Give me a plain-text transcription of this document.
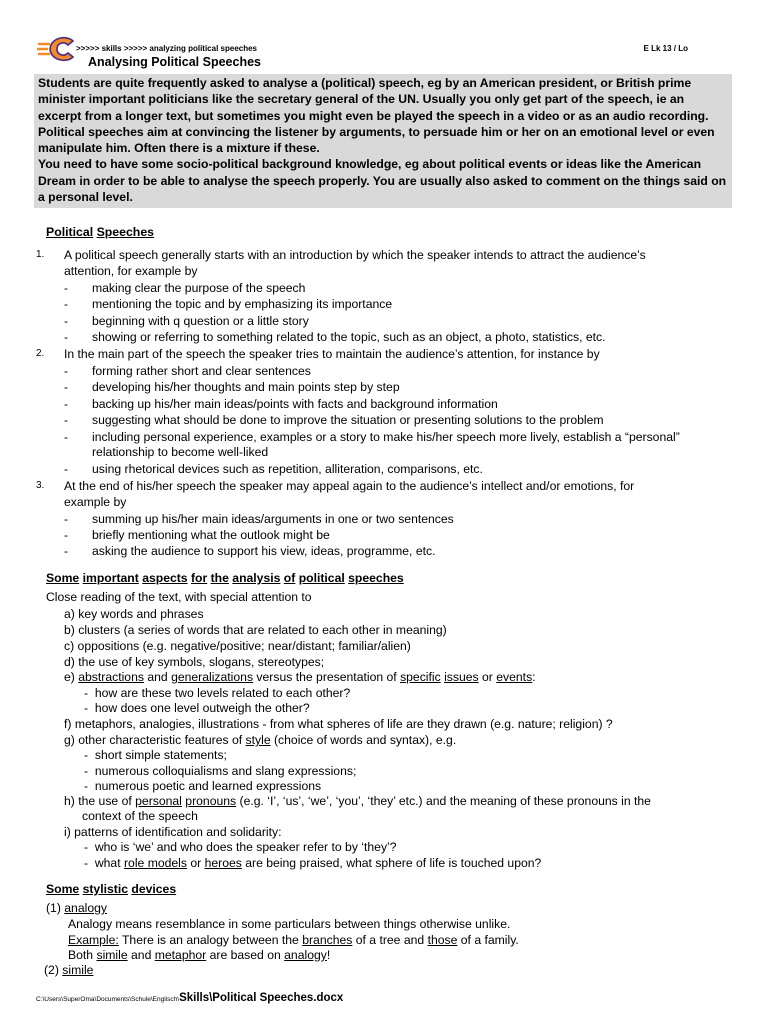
>>>>> skills >>>>> analyzing political speeches	E Lk 13 / Lo
Analysing Political Speeches

Students are quite frequently asked to analyse a (political) speech, eg by an American president, or British prime minister important politicians like the secretary general of the UN. Usually you only get part of the speech, ie an excerpt from a longer text, but sometimes you might even be played the speech in a video or as an audio recording.

Political speeches aim at convincing the listener by arguments, to persuade him or her on an emotional level or even manipulate him. Often there is a mixture if these.

You need to have some socio-political background knowledge, eg about political events or ideas like the American Dream in order to be able to analyse the speech properly. You are usually also asked to comment on the things said on a personal level.

Political Speeches
1. A political speech generally starts with an introduction by which the speaker intends to attract the audience’s
attention, for example by
- making clear the purpose of the speech
- mentioning the topic and by emphasizing its importance
- beginning with q question or a little story
- showing or referring to something related to the topic, such as an object, a photo, statistics, etc.
2. In the main part of the speech the speaker tries to maintain the audience’s attention, for instance by
- forming rather short and clear sentences
- developing his/her thoughts and main points step by step
- backing up his/her main ideas/points with facts and background information
- suggesting what should be done to improve the situation or presenting solutions to the problem
- including personal experience, examples or a story to make his/her speech more lively, establish a “personal”
relationship to become well-liked
- using rhetorical devices such as repetition, alliteration, comparisons, etc.
3. At the end of his/her speech the speaker may appeal again to the audience’s intellect and/or emotions, for
example by
- summing up his/her main ideas/arguments in one or two sentences
- briefly mentioning what the outlook might be
- asking the audience to support his view, ideas, programme, etc.
Some important aspects for the analysis of political speeches
Close reading of the text, with special attention to
a) key words and phrases
b) clusters (a series of words that are related to each other in meaning)
c) oppositions (e.g. negative/positive; near/distant; familiar/alien)
d) the use of key symbols, slogans, stereotypes;
e) abstractions and generalizations versus the presentation of specific issues or events:
-  how are these two levels related to each other?
-  how does one level outweigh the other?
f) metaphors, analogies, illustrations - from what spheres of life are they drawn (e.g. nature; religion) ?
g) other characteristic features of style (choice of words and syntax), e.g.
-  short simple statements;
-  numerous colloquialisms and slang expressions;
-  numerous poetic and learned expressions
h) the use of personal pronouns (e.g. ‘I’, ‘us’, ‘we’, ‘you’, ‘they’ etc.) and the meaning of these pronouns in the
context of the speech
i) patterns of identification and solidarity:
-  who is ‘we’ and who does the speaker refer to by ‘they’?
-  what role models or heroes are being praised, what sphere of life is touched upon?
Some stylistic devices
(1) analogy
Analogy means resemblance in some particulars between things otherwise unlike.
Example: There is an analogy between the branches of a tree and those of a family.
Both simile and metaphor are based on analogy!
(2) simile
C:\Users\SuperOma\Documents\Schule\Englisch\Skills\Political Speeches.docx
